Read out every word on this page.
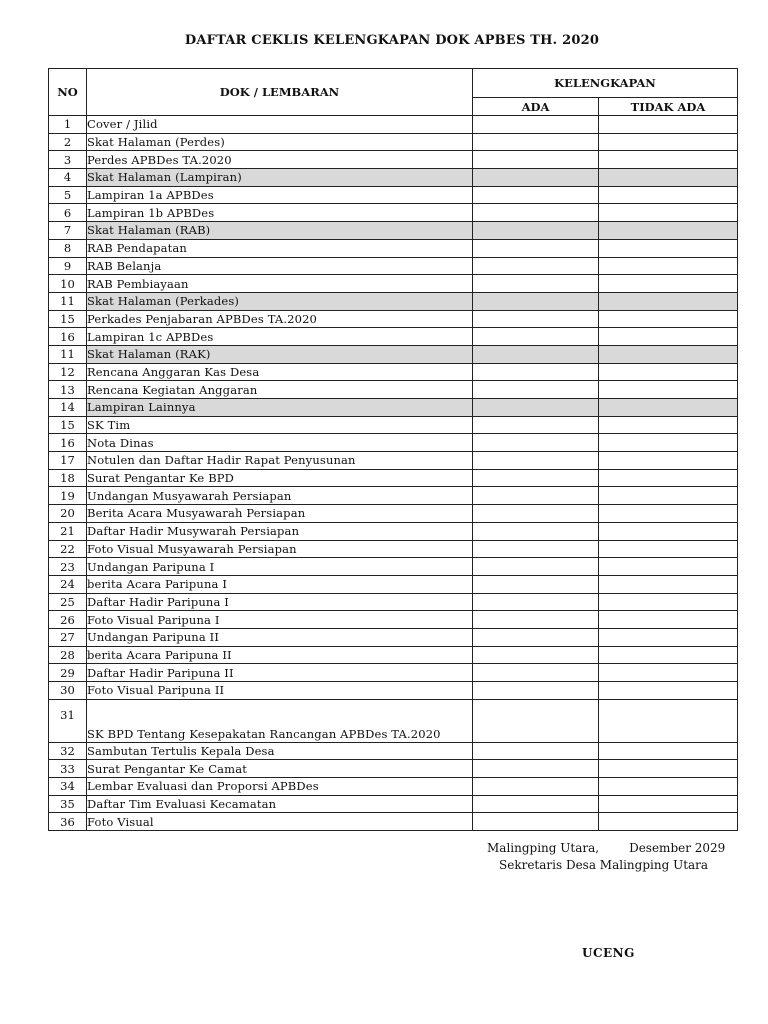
DAFTAR CEKLIS KELENGKAPAN DOK APBES TH. 2020
NO	DOK / LEMBARAN	KELENGKAPAN	
		ADA	TIDAK ADA
1	Cover / Jilid		
2	Skat Halaman (Perdes)		
3	Perdes APBDes TA.2020		
4	Skat Halaman (Lampiran)		
5	Lampiran 1a APBDes		
6	Lampiran 1b APBDes		
7	Skat Halaman (RAB)		
8	RAB Pendapatan		
9	RAB Belanja		
10	RAB Pembiayaan		
11	Skat Halaman (Perkades)		
15	Perkades Penjabaran APBDes TA.2020		
16	Lampiran 1c APBDes		
11	Skat Halaman (RAK)		
12	Rencana Anggaran Kas Desa		
13	Rencana Kegiatan Anggaran		
14	Lampiran Lainnya		
15	SK Tim		
16	Nota Dinas		
17	Notulen dan Daftar Hadir Rapat Penyusunan		
18	Surat Pengantar Ke BPD		
19	Undangan Musyawarah Persiapan		
20	Berita Acara Musyawarah Persiapan		
21	Daftar Hadir Musywarah Persiapan		
22	Foto Visual Musyawarah Persiapan		
23	Undangan Paripuna I		
24	berita Acara Paripuna I		
25	Daftar Hadir Paripuna I		
26	Foto Visual Paripuna I		
27	Undangan Paripuna II		
28	berita Acara Paripuna II		
29	Daftar Hadir Paripuna II		
30	Foto Visual Paripuna II		
31	SK BPD Tentang Kesepakatan Rancangan APBDes TA.2020		
32	Sambutan Tertulis Kepala Desa		
33	Surat Pengantar Ke Camat		
34	Lembar Evaluasi dan Proporsi APBDes		
35	Daftar Tim Evaluasi Kecamatan		
36	Foto Visual		
Malingping Utara,	Desember 2029
Sekretaris Desa Malingping Utara
UCENG
